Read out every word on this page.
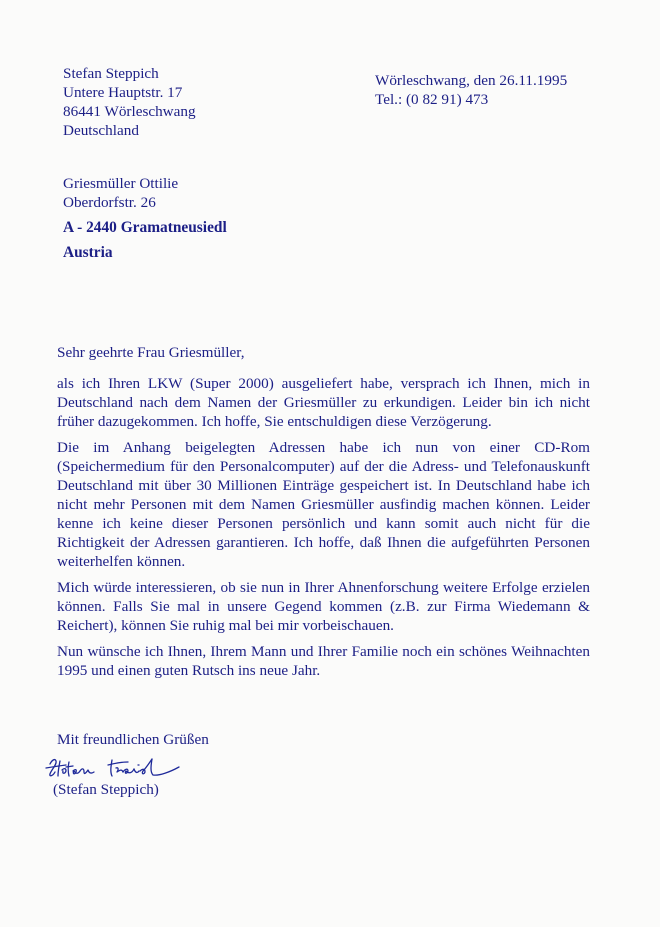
Stefan Steppich
Untere Hauptstr. 17
86441 Wörleschwang
Deutschland
Wörleschwang, den 26.11.1995
Tel.: (0 82 91) 473
Griesmüller Ottilie
Oberdorfstr. 26
A - 2440 Gramatneusiedl
Austria
Sehr geehrte Frau Griesmüller,

als ich Ihren LKW (Super 2000) ausgeliefert habe, versprach ich Ihnen, mich in Deutschland nach dem Namen der Griesmüller zu erkundigen. Leider bin ich nicht früher dazugekommen. Ich hoffe, Sie entschuldigen diese Verzögerung.

Die im Anhang beigelegten Adressen habe ich nun von einer CD-Rom (Speichermedium für den Personalcomputer) auf der die Adress- und Telefonauskunft Deutschland mit über 30 Millionen Einträge gespeichert ist. In Deutschland habe ich nicht mehr Personen mit dem Namen Griesmüller ausfindig machen können. Leider kenne ich keine dieser Personen persönlich und kann somit auch nicht für die Richtigkeit der Adressen garantieren. Ich hoffe, daß Ihnen die aufgeführten Personen weiterhelfen können.

Mich würde interessieren, ob sie nun in Ihrer Ahnenforschung weitere Erfolge erzielen können. Falls Sie mal in unsere Gegend kommen (z.B. zur Firma Wiedemann & Reichert), können Sie ruhig mal bei mir vorbeischauen.

Nun wünsche ich Ihnen, Ihrem Mann und Ihrer Familie noch ein schönes Weihnachten 1995 und einen guten Rutsch ins neue Jahr.

Mit freundlichen Grüßen
(Stefan Steppich)
